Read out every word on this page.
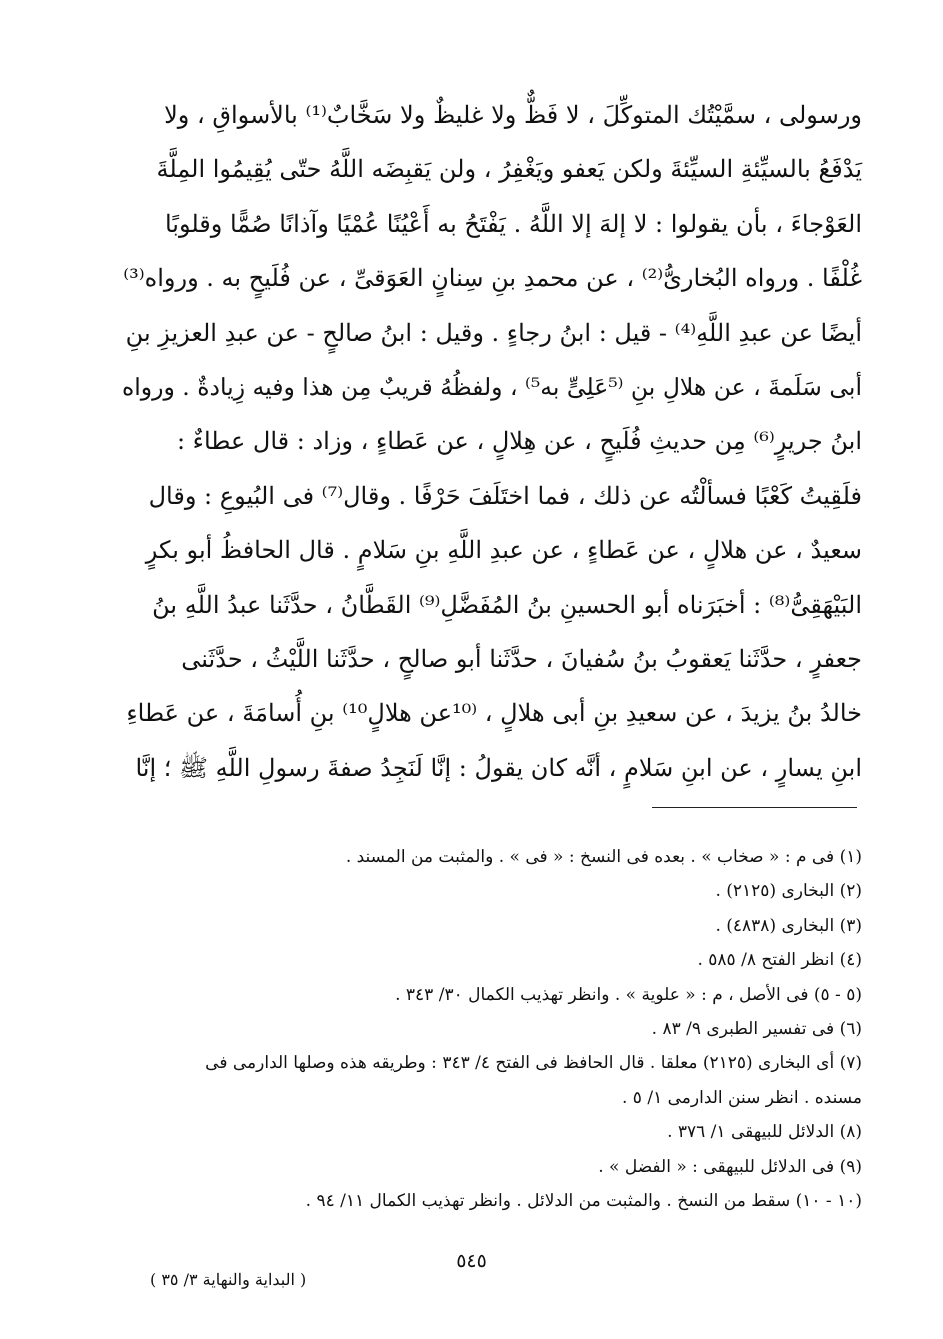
ورسولى ، سمَّيْتُك المتوكِّلَ ، لا فَظٌّ ولا غليظٌ ولا سَخَّابٌ⁽¹⁾ بالأسواقِ ، ولا
يَدْفَعُ بالسيِّئةِ السيِّئةَ ولكن يَعفو ويَغْفِرُ ، ولن يَقبِضَه اللَّهُ حتّى يُقِيمُوا المِلَّةَ
العَوْجاءَ ، بأن يقولوا : لا إلهَ إلا اللَّهُ . يَفْتَحُ به أَعْيُنًا عُمْيًا وآذانًا صُمًّا وقلوبًا
غُلْفًا . ورواه البُخارىُّ⁽²⁾ ، عن محمدِ بنِ سِنانٍ العَوَقىِّ ، عن فُلَيحٍ به . ورواه⁽³⁾
أيضًا عن عبدِ اللَّهِ⁽⁴⁾ - قيل : ابنُ رجاءٍ . وقيل : ابنُ صالحٍ - عن عبدِ العزيزِ بنِ
أبى سَلَمةَ ، عن هلالِ بنِ ⁽⁵عَلِىٍّ به⁵⁾ ، ولفظُهُ قريبٌ مِن هذا وفيه زِيادةٌ . ورواه
ابنُ جريرٍ⁽⁶⁾ مِن حديثِ فُلَيحٍ ، عن هِلالٍ ، عن عَطاءٍ ، وزاد : قال عطاءٌ :
فلَقِيتُ كَعْبًا فسألْتُه عن ذلك ، فما اختَلَفَ حَرْفًا . وقال⁽⁷⁾ فى البُيوعِ : وقال
سعيدٌ ، عن هلالٍ ، عن عَطاءٍ ، عن عبدِ اللَّهِ بنِ سَلامٍ . قال الحافظُ أبو بكرٍ
البَيْهَقِىُّ⁽⁸⁾ : أخبَرَناه أبو الحسينِ بنُ المُفَضَّلِ⁽⁹⁾ القَطَّانُ ، حدَّثَنا عبدُ اللَّهِ بنُ
جعفرٍ ، حدَّثَنا يَعقوبُ بنُ سُفيانَ ، حدَّثَنا أبو صالحٍ ، حدَّثَنا اللَّيْثُ ، حدَّثَنى
خالدُ بنُ يزيدَ ، عن سعيدِ بنِ أبى هلالٍ ، ⁽¹⁰عن هلالٍ¹⁰⁾ بنِ أُسامَةَ ، عن عَطاءِ
ابنِ يسارٍ ، عن ابنِ سَلامٍ ، أنَّه كان يقولُ : إنَّا لَنَجِدُ صفةَ رسولِ اللَّهِ ﷺ ؛ إنَّا
(١) فى م : « صخاب » . بعده فى النسخ : « فى » . والمثبت من المسند .
(٢) البخارى (٢١٢٥) .
(٣) البخارى (٤٨٣٨) .
(٤) انظر الفتح ٨/ ٥٨٥ .
(٥ - ٥) فى الأصل ، م : « علوية » . وانظر تهذيب الكمال ٣٠/ ٣٤٣ .
(٦) فى تفسير الطبرى ٩/ ٨٣ .
(٧) أى البخارى (٢١٢٥) معلقا . قال الحافظ فى الفتح ٤/ ٣٤٣ : وطريقه هذه وصلها الدارمى فى
مسنده . انظر سنن الدارمى ١/ ٥ .
(٨) الدلائل للبيهقى ١/ ٣٧٦ .
(٩) فى الدلائل للبيهقى : « الفضل » .
(١٠ - ١٠) سقط من النسخ . والمثبت من الدلائل . وانظر تهذيب الكمال ١١/ ٩٤ .
٥٤٥
( البداية والنهاية ٣/ ٣٥ )
